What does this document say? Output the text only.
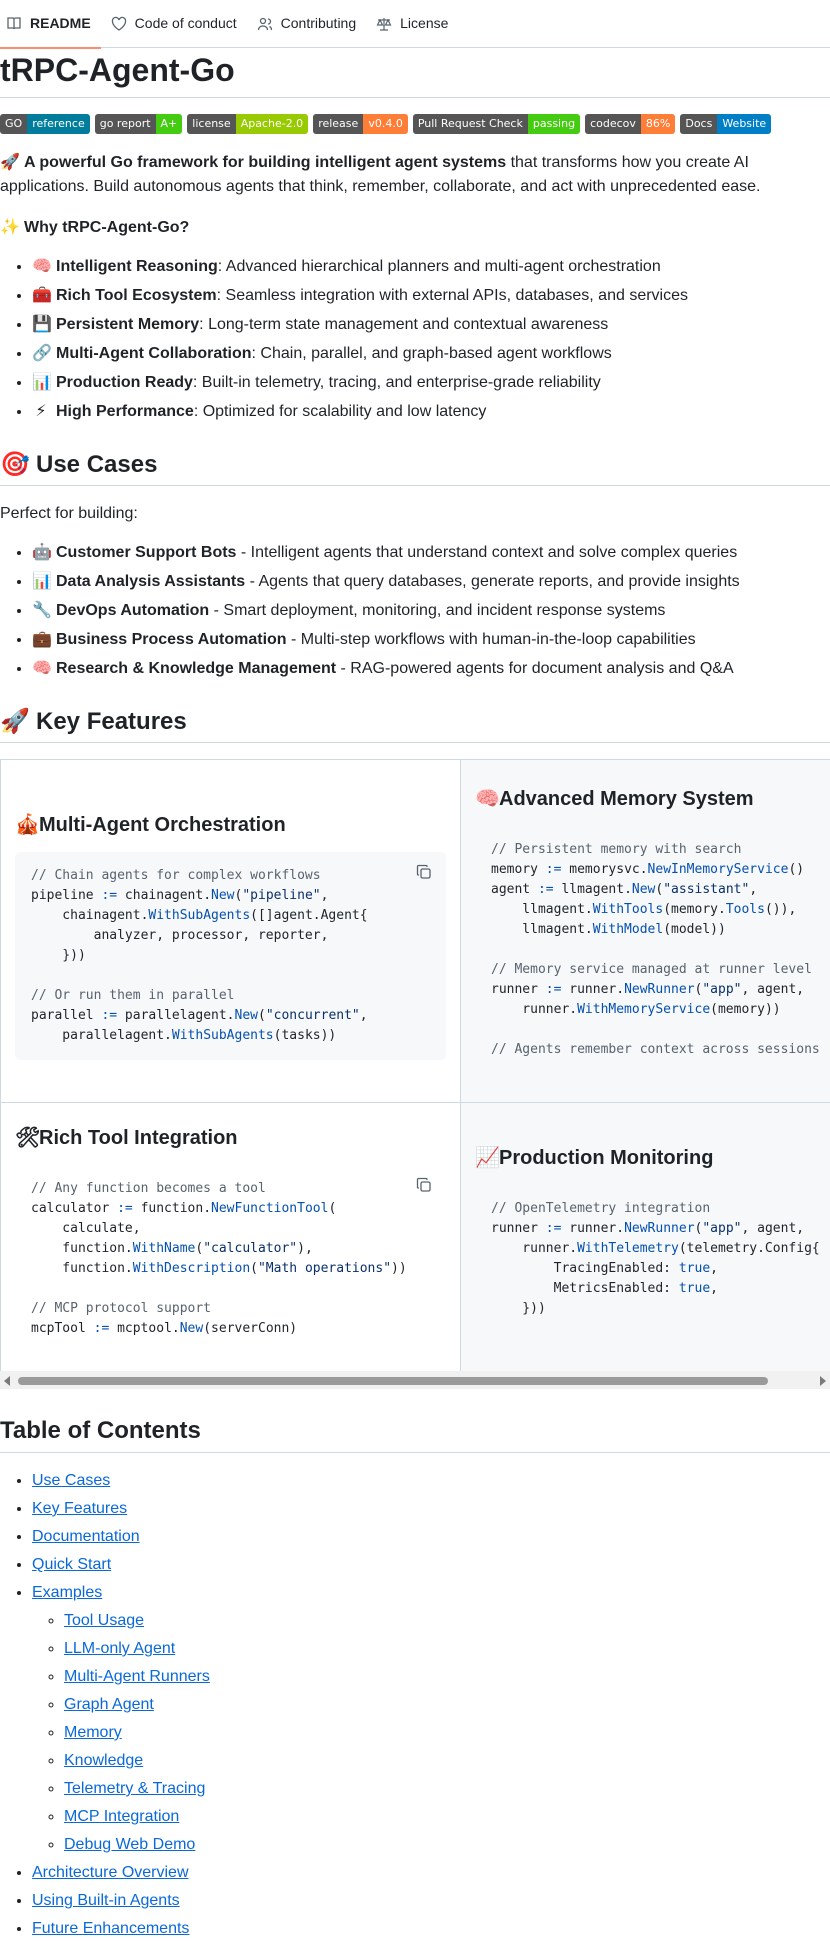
README	Code of conduct	Contributing	License
tRPC-Agent-Go
GO reference	go report A+	license Apache-2.0	release v0.4.0	Pull Request Check passing	codecov 86%	Docs Website

🚀 A powerful Go framework for building intelligent agent systems that transforms how you create AI applications. Build autonomous agents that think, remember, collaborate, and act with unprecedented ease.

✨ Why tRPC-Agent-Go?

• 🧠 Intelligent Reasoning: Advanced hierarchical planners and multi-agent orchestration
• 🧰 Rich Tool Ecosystem: Seamless integration with external APIs, databases, and services
• 💾 Persistent Memory: Long-term state management and contextual awareness
• 🔗 Multi-Agent Collaboration: Chain, parallel, and graph-based agent workflows
• 📊 Production Ready: Built-in telemetry, tracing, and enterprise-grade reliability
• ⚡ High Performance: Optimized for scalability and low latency
🎯 Use Cases

Perfect for building:

• 🤖 Customer Support Bots - Intelligent agents that understand context and solve complex queries
• 📊 Data Analysis Assistants - Agents that query databases, generate reports, and provide insights
• 🔧 DevOps Automation - Smart deployment, monitoring, and incident response systems
• 💼 Business Process Automation - Multi-step workflows with human-in-the-loop capabilities
• 🧠 Research & Knowledge Management - RAG-powered agents for document analysis and Q&A
🚀 Key Features
🎪Multi-Agent Orchestration
// Chain agents for complex workflows
pipeline := chainagent.New("pipeline",
chainagent.WithSubAgents([]agent.Agent{
analyzer, processor, reporter,
}))

// Or run them in parallel
parallel := parallelagent.New("concurrent",
parallelagent.WithSubAgents(tasks))
🧠Advanced Memory System
// Persistent memory with search
memory := memorysvc.NewInMemoryService()
agent := llmagent.New("assistant",
llmagent.WithTools(memory.Tools()),
llmagent.WithModel(model))

// Memory service managed at runner level
runner := runner.NewRunner("app", agent,
runner.WithMemoryService(memory))

// Agents remember context across sessions
🛠Rich Tool Integration
// Any function becomes a tool
calculator := function.NewFunctionTool(
calculate,
function.WithName("calculator"),
function.WithDescription("Math operations"))

// MCP protocol support
mcpTool := mcptool.New(serverConn)
📈Production Monitoring
// OpenTelemetry integration
runner := runner.NewRunner("app", agent,
runner.WithTelemetry(telemetry.Config{
TracingEnabled: true,
MetricsEnabled: true,
}))
Table of Contents
• Use Cases
• Key Features
• Documentation
• Quick Start
• Examples
◦ Tool Usage
◦ LLM-only Agent
◦ Multi-Agent Runners
◦ Graph Agent
◦ Memory
◦ Knowledge
◦ Telemetry & Tracing
◦ MCP Integration
◦ Debug Web Demo
• Architecture Overview
• Using Built-in Agents
• Future Enhancements
